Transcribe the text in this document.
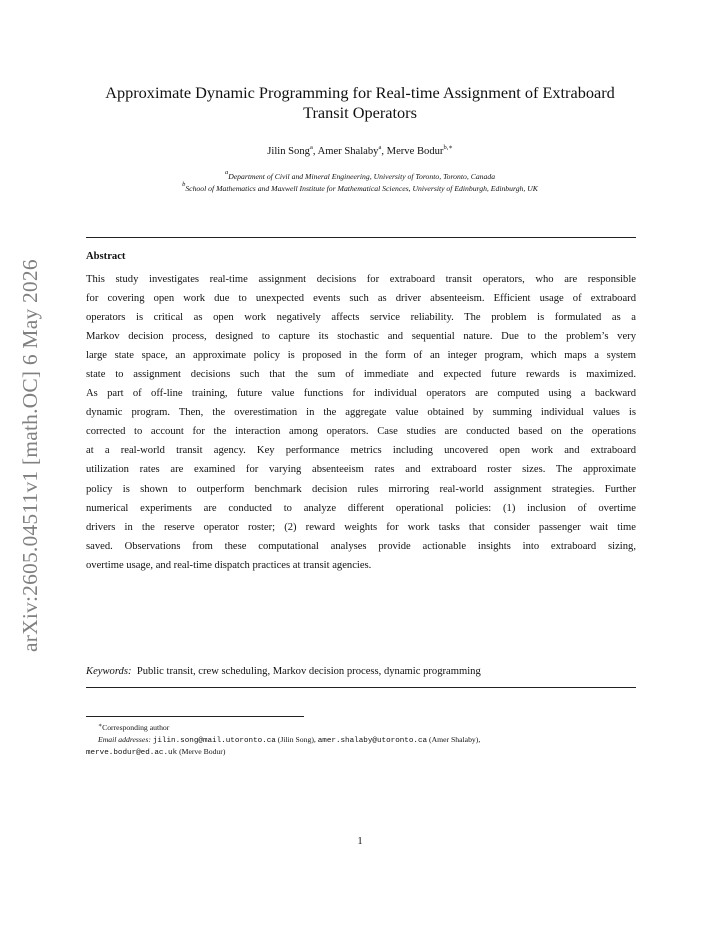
arXiv:2605.04511v1 [math.OC] 6 May 2026
Approximate Dynamic Programming for Real-time Assignment of Extraboard
Transit Operators
Jilin Song$^a$, Amer Shalaby$^a$, Merve Bodur$^{b,∗}$
$^a$Department of Civil and Mineral Engineering, University of Toronto, Toronto, Canada
$^b$School of Mathematics and Maxwell Institute for Mathematical Sciences, University of Edinburgh, Edinburgh, UK
Abstract
This study investigates real-time assignment decisions for extraboard transit operators, who are responsible
for covering open work due to unexpected events such as driver absenteeism. Efficient usage of extraboard
operators is critical as open work negatively affects service reliability. The problem is formulated as a
Markov decision process, designed to capture its stochastic and sequential nature. Due to the problem’s very
large state space, an approximate policy is proposed in the form of an integer program, which maps a system
state to assignment decisions such that the sum of immediate and expected future rewards is maximized.
As part of off-line training, future value functions for individual operators are computed using a backward
dynamic program. Then, the overestimation in the aggregate value obtained by summing individual values is
corrected to account for the interaction among operators. Case studies are conducted based on the operations
at a real-world transit agency. Key performance metrics including uncovered open work and extraboard
utilization rates are examined for varying absenteeism rates and extraboard roster sizes. The approximate
policy is shown to outperform benchmark decision rules mirroring real-world assignment strategies. Further
numerical experiments are conducted to analyze different operational policies: (1) inclusion of overtime
drivers in the reserve operator roster; (2) reward weights for work tasks that consider passenger wait time
saved. Observations from these computational analyses provide actionable insights into extraboard sizing,
overtime usage, and real-time dispatch practices at transit agencies.
Keywords: Public transit, crew scheduling, Markov decision process, dynamic programming
∗Corresponding author
Email addresses: jilin.song@mail.utoronto.ca (Jilin Song), amer.shalaby@utoronto.ca (Amer Shalaby),
merve.bodur@ed.ac.uk (Merve Bodur)
1
